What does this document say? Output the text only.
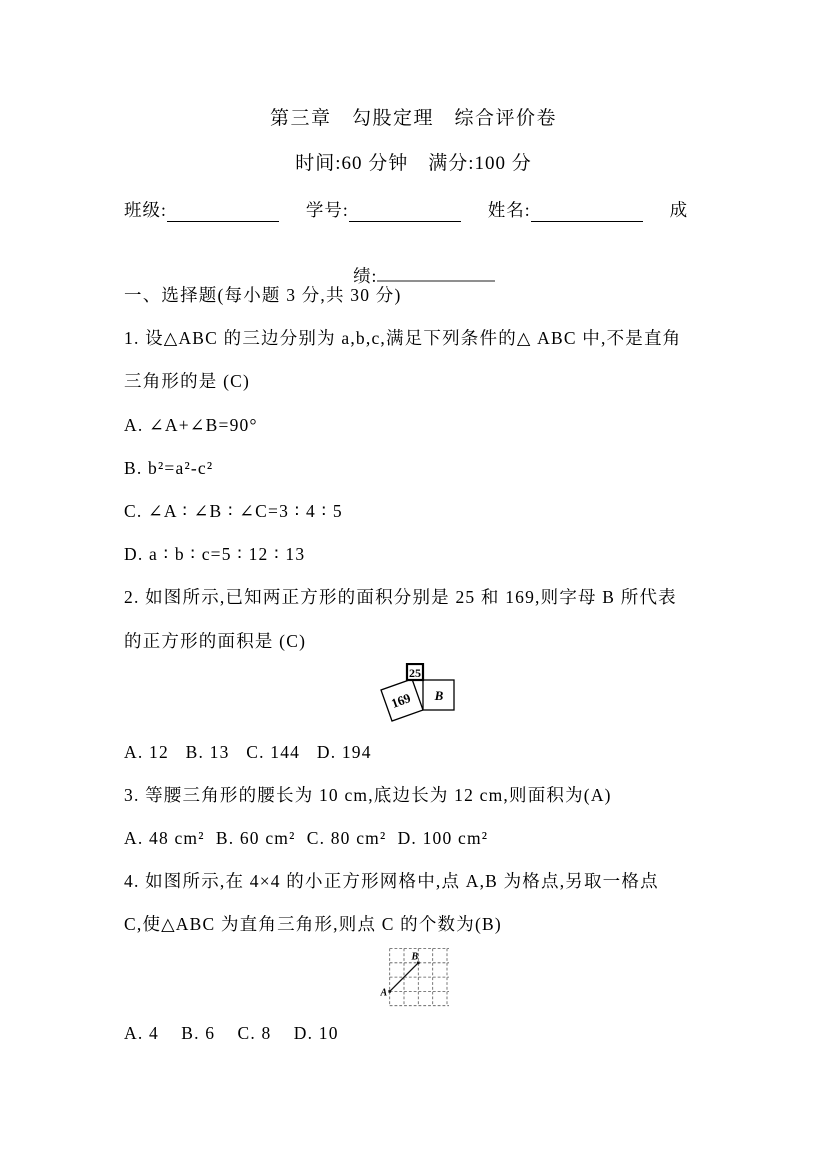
第三章　勾股定理　综合评价卷
时间:60 分钟　满分:100 分
班级:	学号:	姓名:	成

绩:

一、选择题(每小题 3 分,共 30 分)
1. 设△ABC 的三边分别为 a,b,c,满足下列条件的△ ABC 中,不是直角
三角形的是 (C)
A. ∠A+∠B=90°
B. b²=a²-c²
C. ∠A ∶ ∠B ∶ ∠C=3 ∶ 4 ∶ 5
D. a ∶ b ∶ c=5 ∶ 12 ∶ 13
2. 如图所示,已知两正方形的面积分别是 25 和 169,则字母 B 所代表
的正方形的面积是 (C)
25
169 B
A. 12   B. 13   C. 144   D. 194
3. 等腰三角形的腰长为 10 cm,底边长为 12 cm,则面积为(A)
A. 48 cm²  B. 60 cm²  C. 80 cm²  D. 100 cm²
4. 如图所示,在 4×4 的小正方形网格中,点 A,B 为格点,另取一格点
C,使△ABC 为直角三角形,则点 C 的个数为(B)
A
B
A. 4    B. 6    C. 8    D. 10
